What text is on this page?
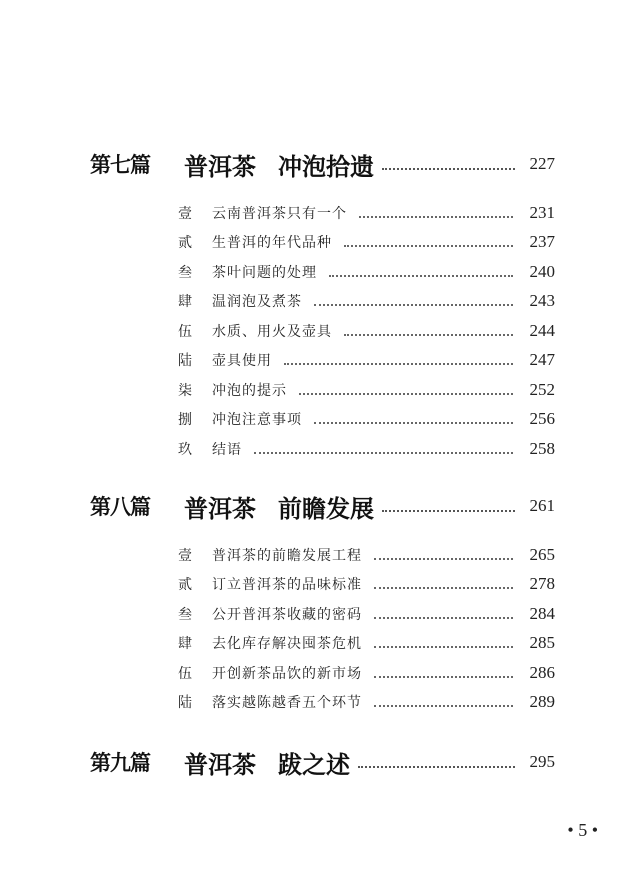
第七篇	普洱茶 冲泡拾遗	227
壹	云南普洱茶只有一个	231
贰	生普洱的年代品种	237
叁	茶叶问题的处理	240
肆	温润泡及煮茶	243
伍	水质、用火及壶具	244
陆	壶具使用	247
柒	冲泡的提示	252
捌	冲泡注意事项	256
玖	结语	258
第八篇	普洱茶 前瞻发展	261
壹	普洱茶的前瞻发展工程	265
贰	订立普洱茶的品味标准	278
叁	公开普洱茶收藏的密码	284
肆	去化库存解决囤茶危机	285
伍	开创新茶品饮的新市场	286
陆	落实越陈越香五个环节	289
第九篇	普洱茶 跋之述	295
• 5 •
